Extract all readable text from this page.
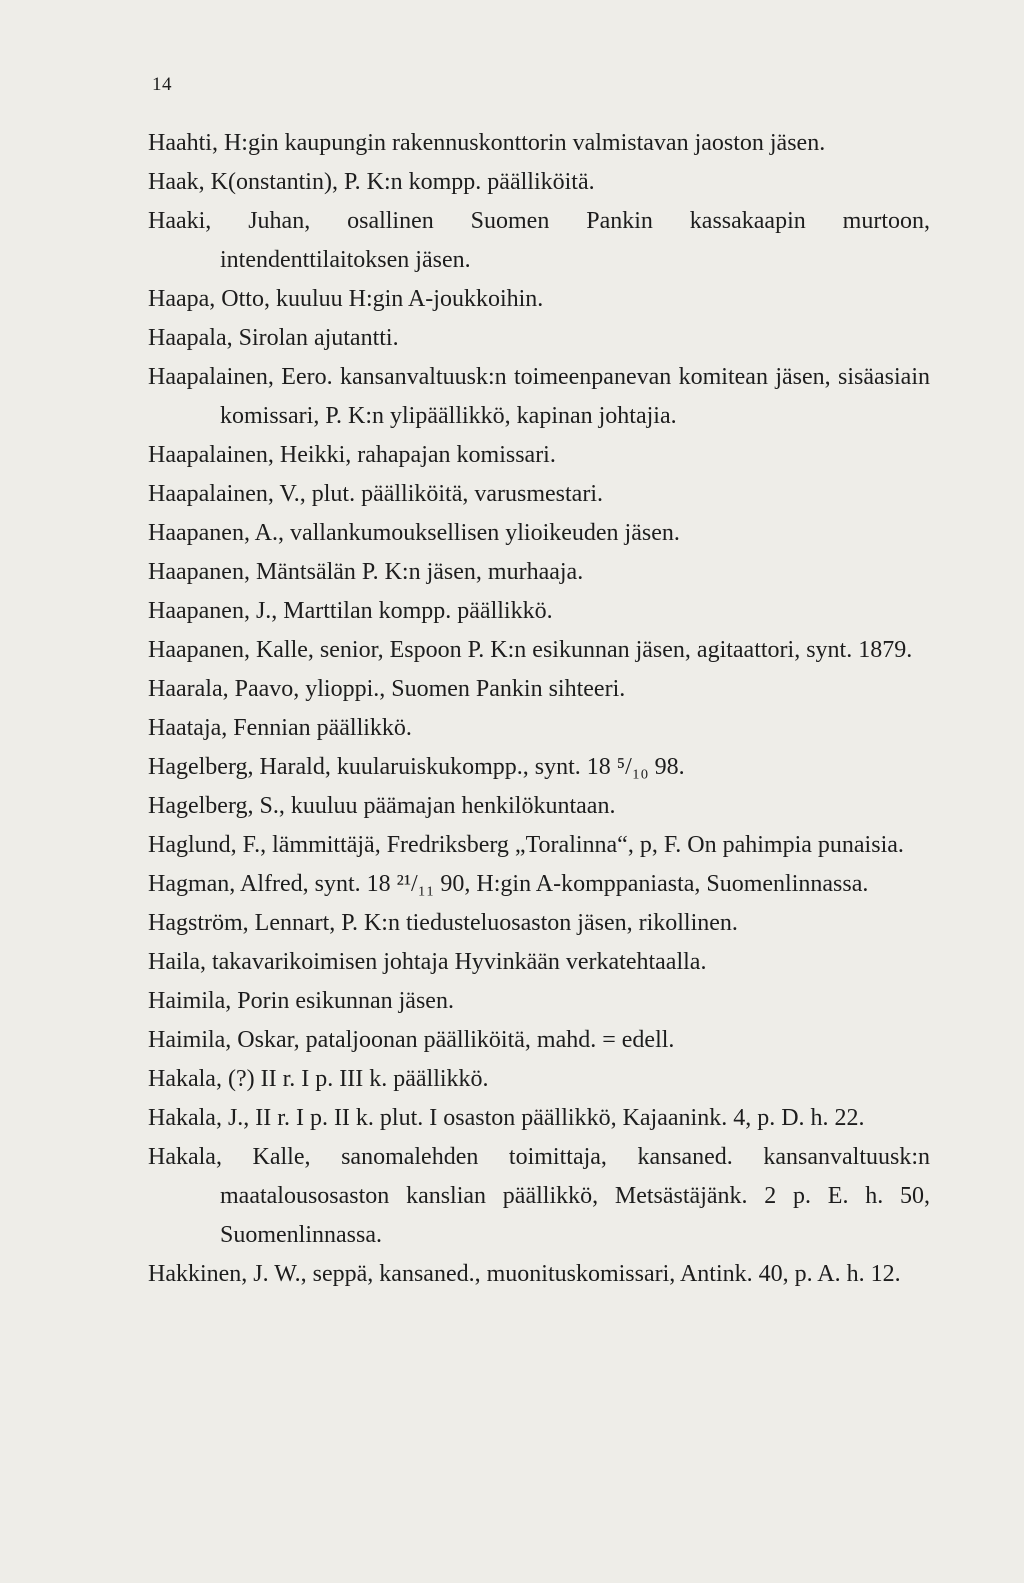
14

Haahti, H:gin kaupungin rakennuskonttorin valmistavan jaoston jäsen.

Haak, K(onstantin), P. K:n kompp. päälliköitä.

Haaki, Juhan, osallinen Suomen Pankin kassakaapin murtoon, intendenttilaitoksen jäsen.

Haapa, Otto, kuuluu H:gin A-joukkoihin.

Haapala, Sirolan ajutantti.

Haapalainen, Eero. kansanvaltuusk:n toimeenpanevan komitean jäsen, sisäasiain komissari, P. K:n ylipäällikkö, kapinan johtajia.

Haapalainen, Heikki, rahapajan komissari.

Haapalainen, V., plut. päälliköitä, varusmestari.

Haapanen, A., vallankumouksellisen ylioikeuden jäsen.

Haapanen, Mäntsälän P. K:n jäsen, murhaaja.

Haapanen, J., Marttilan kompp. päällikkö.

Haapanen, Kalle, senior, Espoon P. K:n esikunnan jäsen, agitaattori, synt. 1879.

Haarala, Paavo, ylioppi., Suomen Pankin sihteeri.

Haataja, Fennian päällikkö.

Hagelberg, Harald, kuularuiskukompp., synt. 18 ⁵/₁₀ 98.

Hagelberg, S., kuuluu päämajan henkilökuntaan.

Haglund, F., lämmittäjä, Fredriksberg „Toralinna“, p, F. On pahimpia punaisia.

Hagman, Alfred, synt. 18 ²¹/₁₁ 90, H:gin A-komppaniasta, Suomenlinnassa.

Hagström, Lennart, P. K:n tiedusteluosaston jäsen, rikollinen.

Haila, takavarikoimisen johtaja Hyvinkään verkatehtaalla.

Haimila, Porin esikunnan jäsen.

Haimila, Oskar, pataljoonan päälliköitä, mahd. = edell.

Hakala, (?) II r. I p. III k. päällikkö.

Hakala, J., II r. I p. II k. plut. I osaston päällikkö, Kajaanink. 4, p. D. h. 22.

Hakala, Kalle, sanomalehden toimittaja, kansaned. kansanvaltuusk:n maatalousosaston kanslian päällikkö, Metsästäjänk. 2 p. E. h. 50, Suomenlinnassa.

Hakkinen, J. W., seppä, kansaned., muonituskomissari, Antink. 40, p. A. h. 12.
